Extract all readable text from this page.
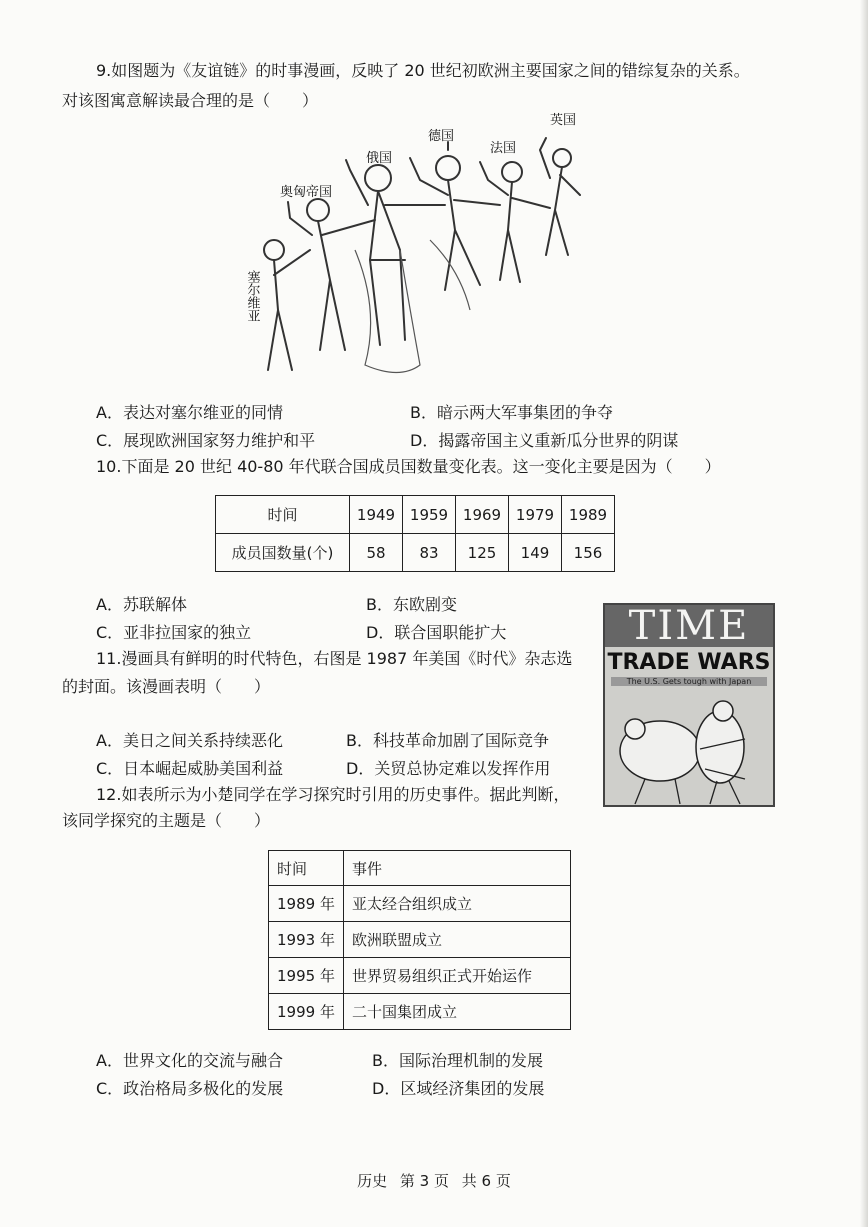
9.如图题为《友谊链》的时事漫画，反映了 20 世纪初欧洲主要国家之间的错综复杂的关系。
对该图寓意解读最合理的是（　　）
英国
德国
法国
俄国
奥匈帝国
塞尔维亚
A．表达对塞尔维亚的同情	B．暗示两大军事集团的争夺
C．展现欧洲国家努力维护和平	D．揭露帝国主义重新瓜分世界的阴谋
10.下面是 20 世纪 40-80 年代联合国成员国数量变化表。这一变化主要是因为（　　）
时间	1949	1959	1969	1979	1989
成员国数量(个)	58	83	125	149	156
A．苏联解体	B．东欧剧变
C．亚非拉国家的独立	D．联合国职能扩大	TIME
TRADE WARS
The U.S. Gets tough with Japan
11.漫画具有鲜明的时代特色，右图是 1987 年美国《时代》杂志选
的封面。该漫画表明（　　）
A．美日之间关系持续恶化	B．科技革命加剧了国际竞争
C．日本崛起威胁美国利益	D．关贸总协定难以发挥作用
12.如表所示为小楚同学在学习探究时引用的历史事件。据此判断，
该同学探究的主题是（　　）
时间	事件
1989 年	亚太经合组织成立
1993 年	欧洲联盟成立
1995 年	世界贸易组织正式开始运作
1999 年	二十国集团成立
A．世界文化的交流与融合	B．国际治理机制的发展
C．政治格局多极化的发展	D．区域经济集团的发展
历史 第 3 页 共 6 页
